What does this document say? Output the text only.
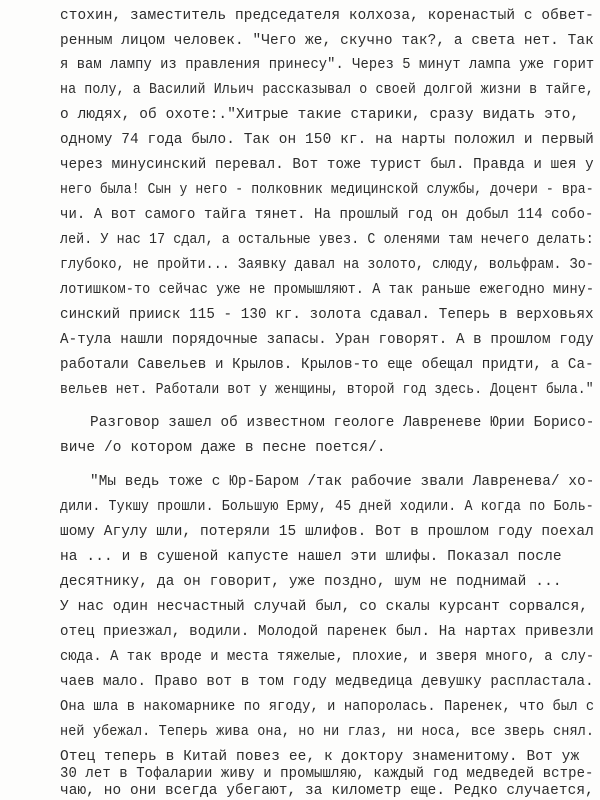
стохин, заместитель председателя колхоза, коренастый с обвет-
ренным лицом человек. "Чего же, скучно так?, а света нет. Так
я вам лампу из правления принесу". Через 5 минут лампа уже горит
на полу, а Василий Ильич рассказывал о своей долгой жизни в тайге,
о людях, об охоте:."Хитрые такие старики, сразу видать это,
одному 74 года было. Так он 150 кг. на нарты положил и первый
через минусинский перевал. Вот тоже турист был. Правда и шея у
него была! Сын у него - полковник медицинской службы, дочери - вра-
чи. А вот самого тайга тянет. На прошлый год он добыл 114 собо-
лей. У нас 17 сдал, а остальные увез. С оленями там нечего делать:
глубоко, не пройти... Заявку давал на золото, слюду, вольфрам. Зо-
лотишком-то сейчас уже не промышляют. А так раньше ежегодно мину-
синский прииск 115 - 130 кг. золота сдавал. Теперь в верховьях
А-тула нашли порядочные запасы. Уран говорят. А в прошлом году
работали Савельев и Крылов. Крылов-то еще обещал придти, а Са-
вельев нет. Работали вот у женщины, второй год здесь. Доцент была."
Разговор зашел об известном геологе Лавреневе Юрии Борисо-
виче /о котором даже в песне поется/.
"Мы ведь тоже с Юр-Баром /так рабочие звали Лавренева/ хо-
дили. Тукшу прошли. Большую Ерму, 45 дней ходили. А когда по Боль-
шому Агулу шли, потеряли 15 шлифов. Вот в прошлом году поехал
на ... и в сушеной капусте нашел эти шлифы. Показал после
десятнику, да он говорит, уже поздно, шум не поднимай ...
У нас один несчастный случай был, со скалы курсант сорвался,
отец приезжал, водили. Молодой паренек был. На нартах привезли
сюда. А так вроде и места тяжелые, плохие, и зверя много, а слу-
чаев мало. Право вот в том году медведица девушку распластала.
Она шла в накомарнике по ягоду, и напоролась. Паренек, что был с
ней убежал. Теперь жива она, но ни глаз, ни носа, все зверь снял.
Отец теперь в Китай повез ее, к доктору знаменитому. Вот уж
30 лет в Тофаларии живу и промышляю, каждый год медведей встре-
чаю, но они всегда убегают, за километр еще. Редко случается,
